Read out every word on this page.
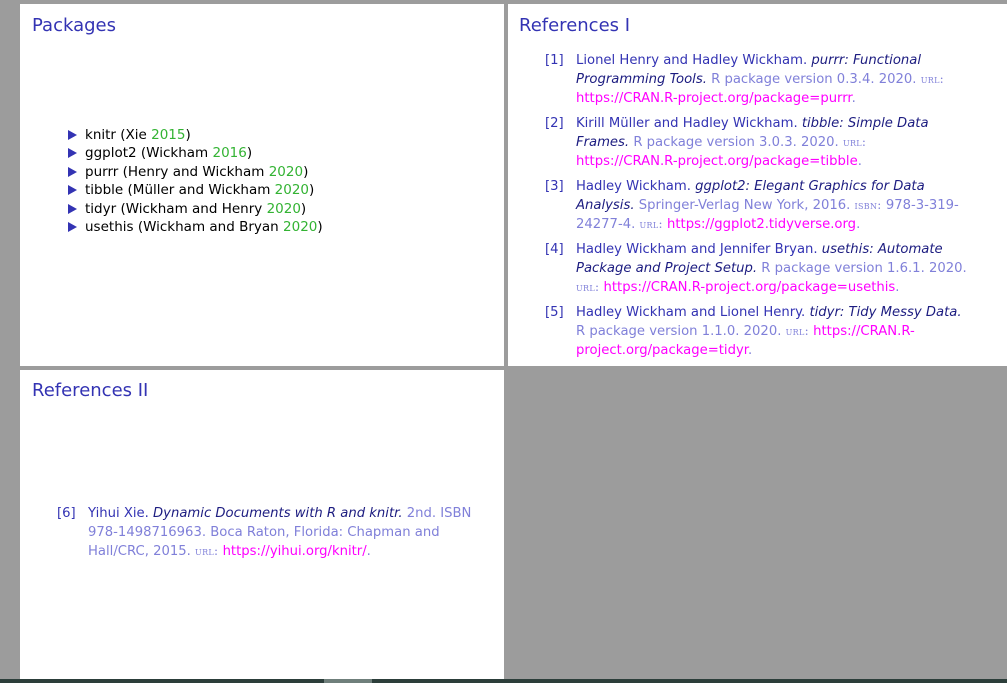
Packages
knitr (Xie 2015)
ggplot2 (Wickham 2016)
purrr (Henry and Wickham 2020)
tibble (Müller and Wickham 2020)
tidyr (Wickham and Henry 2020)
usethis (Wickham and Bryan 2020)
References I
[1] Lionel Henry and Hadley Wickham. purrr: Functional Programming Tools. R package version 0.3.4. 2020. url: https://CRAN.R-project.org/package=purrr.
[2] Kirill Müller and Hadley Wickham. tibble: Simple Data Frames. R package version 3.0.3. 2020. url: https://CRAN.R-project.org/package=tibble.
[3] Hadley Wickham. ggplot2: Elegant Graphics for Data Analysis. Springer-Verlag New York, 2016. isbn: 978-3-319-24277-4. url: https://ggplot2.tidyverse.org.
[4] Hadley Wickham and Jennifer Bryan. usethis: Automate Package and Project Setup. R package version 1.6.1. 2020. url: https://CRAN.R-project.org/package=usethis.
[5] Hadley Wickham and Lionel Henry. tidyr: Tidy Messy Data. R package version 1.1.0. 2020. url: https://CRAN.R-project.org/package=tidyr.
References II
[6] Yihui Xie. Dynamic Documents with R and knitr. 2nd. ISBN 978-1498716963. Boca Raton, Florida: Chapman and Hall/CRC, 2015. url: https://yihui.org/knitr/.
